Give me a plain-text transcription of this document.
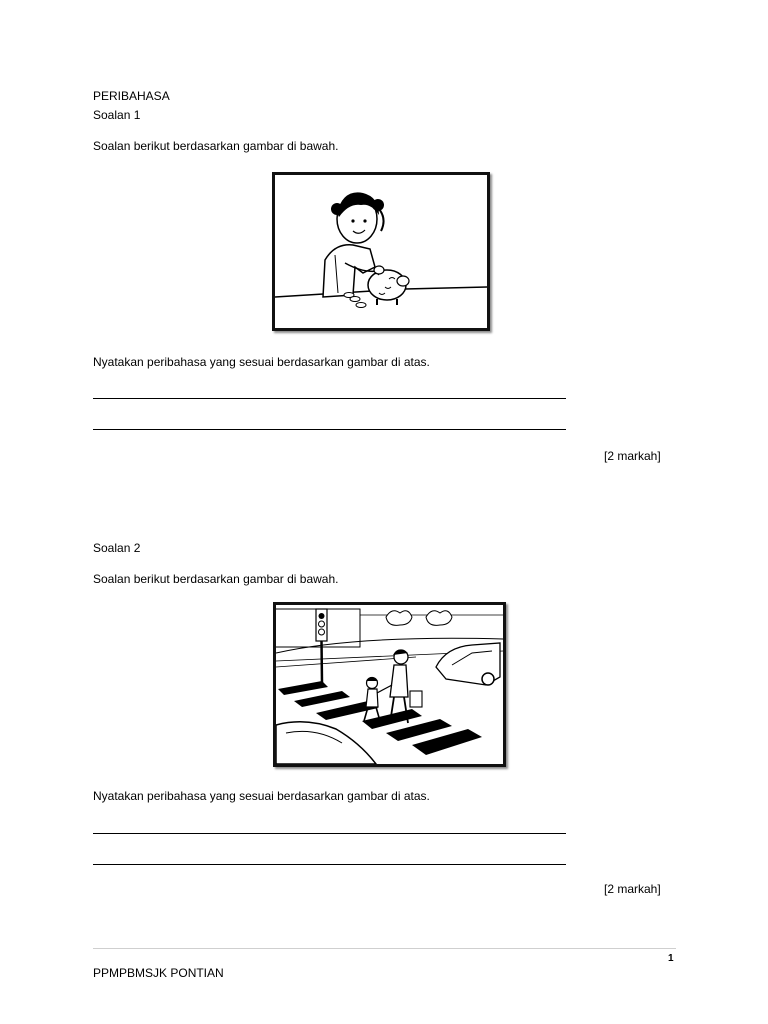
PERIBAHASA
Soalan 1
Soalan berikut berdasarkan gambar di bawah.
Nyatakan peribahasa yang sesuai berdasarkan gambar di atas.
[2 markah]
Soalan 2
Soalan berikut berdasarkan gambar di bawah.
Nyatakan peribahasa yang sesuai berdasarkan gambar di atas.
[2 markah]
1
PPMPBMSJK PONTIAN
